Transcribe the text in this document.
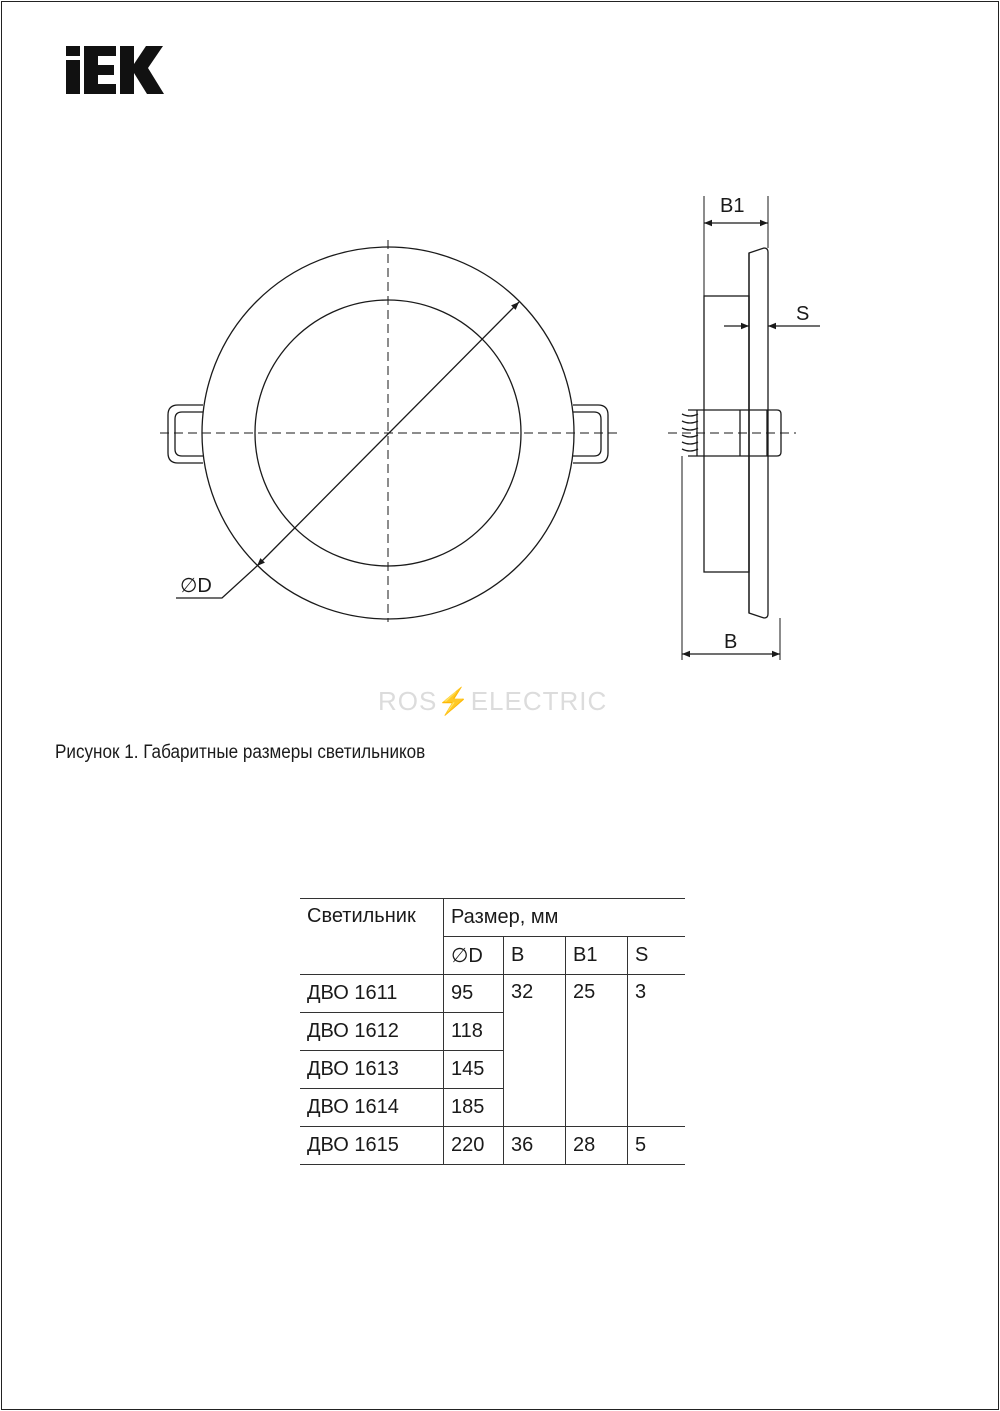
∅D
B1
S
B
ROS⚡ELECTRIC
Рисунок 1. Габаритные размеры светильников
Светильник	Размер, мм			
	∅D	B	B1	S
ДВО 1611	95	32	25	3
ДВО 1612	118			
ДВО 1613	145			
ДВО 1614	185			
ДВО 1615	220	36	28	5
